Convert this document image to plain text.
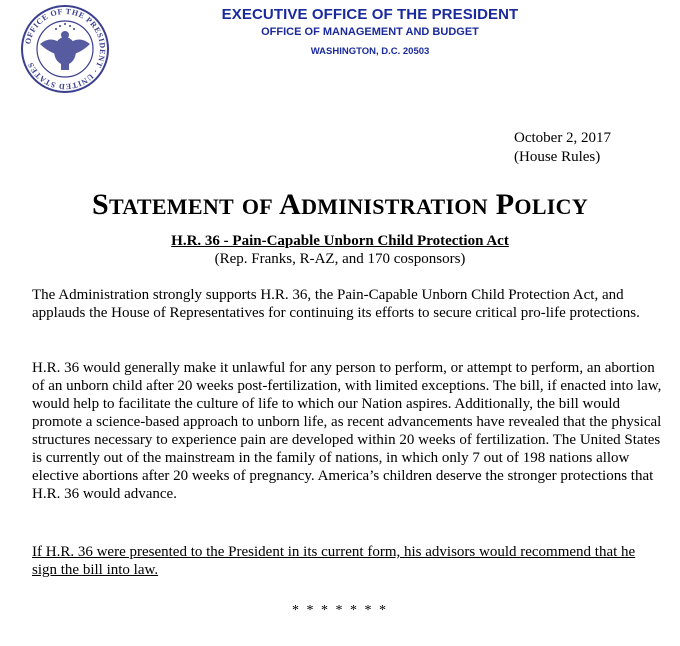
OFFICE OF THE PRESIDENT · UNITED STATES
EXECUTIVE OFFICE OF THE PRESIDENT
OFFICE OF MANAGEMENT AND BUDGET
WASHINGTON, D.C. 20503
October 2, 2017
(House Rules)
STATEMENT OF ADMINISTRATION POLICY
H.R. 36 - Pain-Capable Unborn Child Protection Act
(Rep. Franks, R-AZ, and 170 cosponsors)

The Administration strongly supports H.R. 36, the Pain-Capable Unborn Child Protection Act, and applauds the House of Representatives for continuing its efforts to secure critical pro-life protections.

H.R. 36 would generally make it unlawful for any person to perform, or attempt to perform, an abortion of an unborn child after 20 weeks post-fertilization, with limited exceptions. The bill, if enacted into law, would help to facilitate the culture of life to which our Nation aspires. Additionally, the bill would promote a science-based approach to unborn life, as recent advancements have revealed that the physical structures necessary to experience pain are developed within 20 weeks of fertilization. The United States is currently out of the mainstream in the family of nations, in which only 7 out of 198 nations allow elective abortions after 20 weeks of pregnancy. America’s children deserve the stronger protections that H.R. 36 would advance.

If H.R. 36 were presented to the President in its current form, his advisors would recommend that he sign the bill into law.

* * * * * * *
